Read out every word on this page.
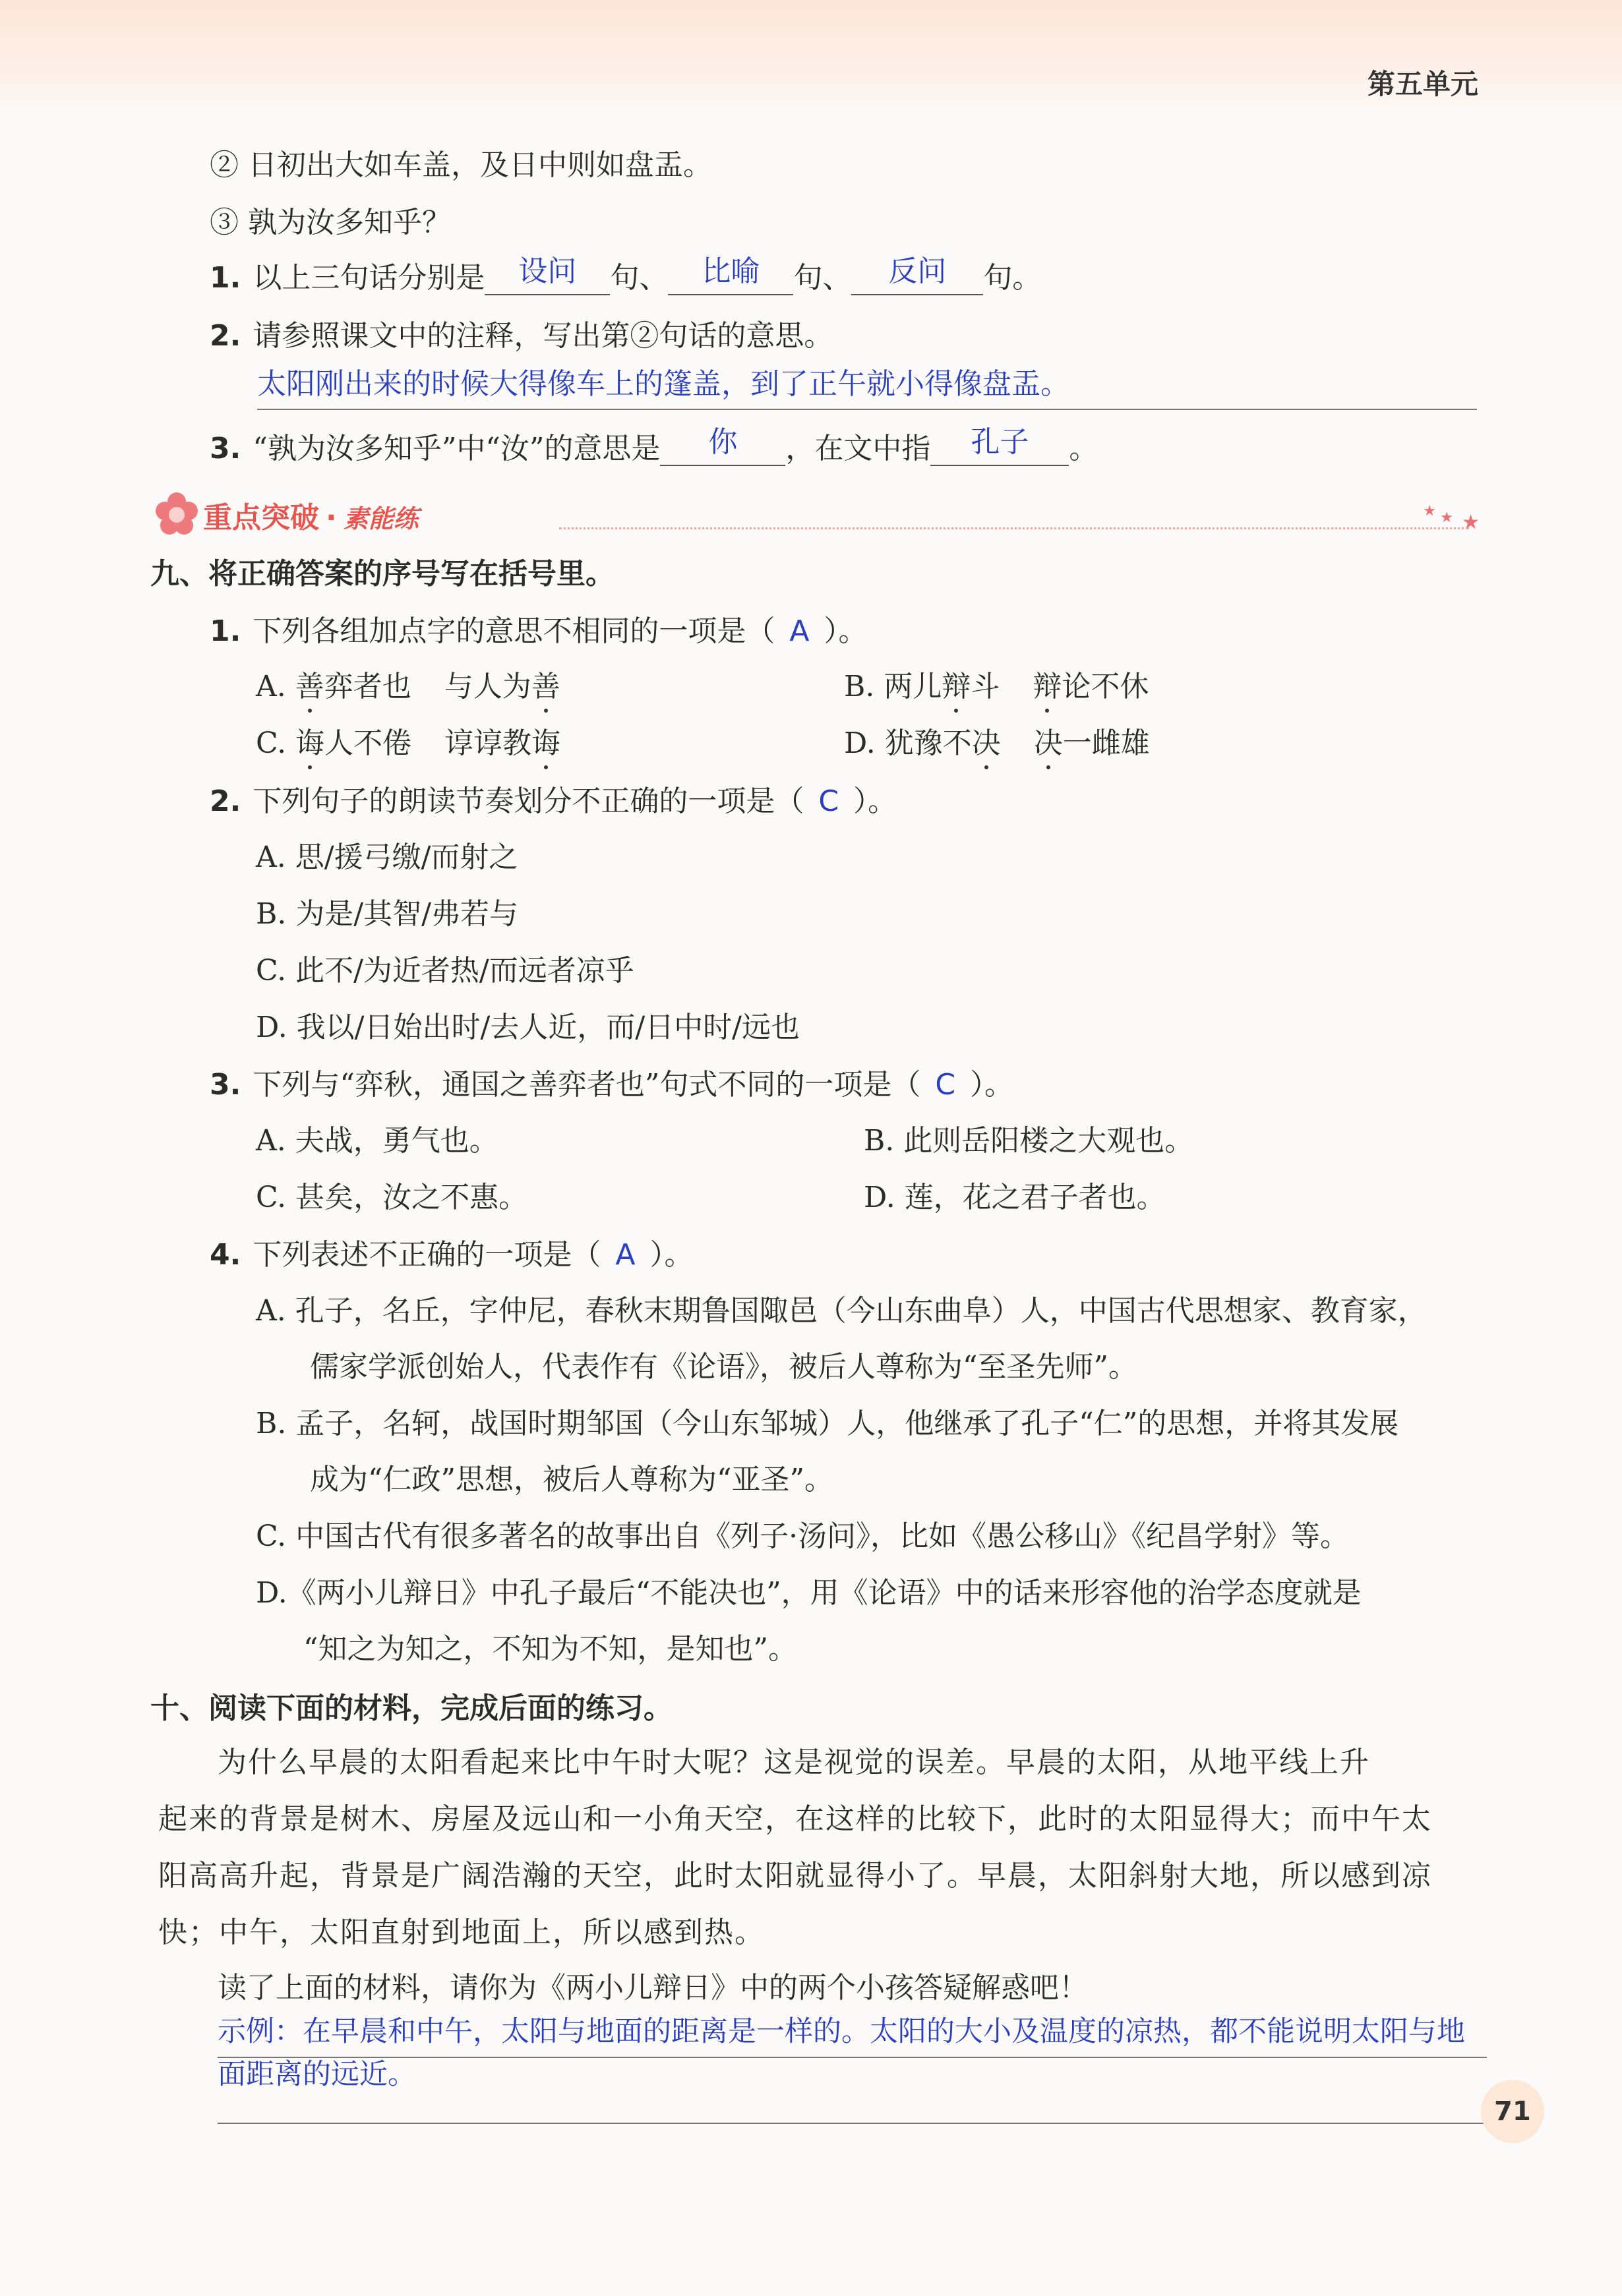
第五单元
② 日初出大如车盖，及日中则如盘盂。
③ 孰为汝多知乎？
1. 以上三句话分别是 设问 句、 比喻 句、 反问 句。
2. 请参照课文中的注释，写出第②句话的意思。
太阳刚出来的时候大得像车上的篷盖，到了正午就小得像盘盂。
3. “孰为汝多知乎”中“汝”的意思是 你 ，在文中指 孔子 。
重点突破 · 素能练	★ ★ ★
九、将正确答案的序号写在括号里。
1. 下列各组加点字的意思不相同的一项是（ A ）。
A. 善弈者也 与人为善	B. 两儿辩斗 辩论不休
C. 诲人不倦 谆谆教诲	D. 犹豫不决 决一雌雄
2. 下列句子的朗读节奏划分不正确的一项是（ C ）。
A. 思/援弓缴/而射之
B. 为是/其智/弗若与
C. 此不/为近者热/而远者凉乎
D. 我以/日始出时/去人近，而/日中时/远也
3. 下列与“弈秋，通国之善弈者也”句式不同的一项是（ C ）。
A. 夫战，勇气也。	B. 此则岳阳楼之大观也。
C. 甚矣，汝之不惠。	D. 莲，花之君子者也。
4. 下列表述不正确的一项是（ A ）。
A. 孔子，名丘，字仲尼，春秋末期鲁国陬邑（今山东曲阜）人，中国古代思想家、教育家，
儒家学派创始人，代表作有《论语》，被后人尊称为“至圣先师”。
B. 孟子，名轲，战国时期邹国（今山东邹城）人，他继承了孔子“仁”的思想，并将其发展
成为“仁政”思想，被后人尊称为“亚圣”。
C. 中国古代有很多著名的故事出自《列子·汤问》，比如《愚公移山》《纪昌学射》等。
D.《两小儿辩日》中孔子最后“不能决也”，用《论语》中的话来形容他的治学态度就是
“知之为知之，不知为不知，是知也”。
十、阅读下面的材料，完成后面的练习。
为什么早晨的太阳看起来比中午时大呢？这是视觉的误差。早晨的太阳，从地平线上升
起来的背景是树木、房屋及远山和一小角天空，在这样的比较下，此时的太阳显得大；而中午太
阳高高升起，背景是广阔浩瀚的天空，此时太阳就显得小了。早晨，太阳斜射大地，所以感到凉
快；中午，太阳直射到地面上，所以感到热。
读了上面的材料，请你为《两小儿辩日》中的两个小孩答疑解惑吧！
示例：在早晨和中午，太阳与地面的距离是一样的。太阳的大小及温度的凉热，都不能说明太阳与地
面距离的远近。
71
